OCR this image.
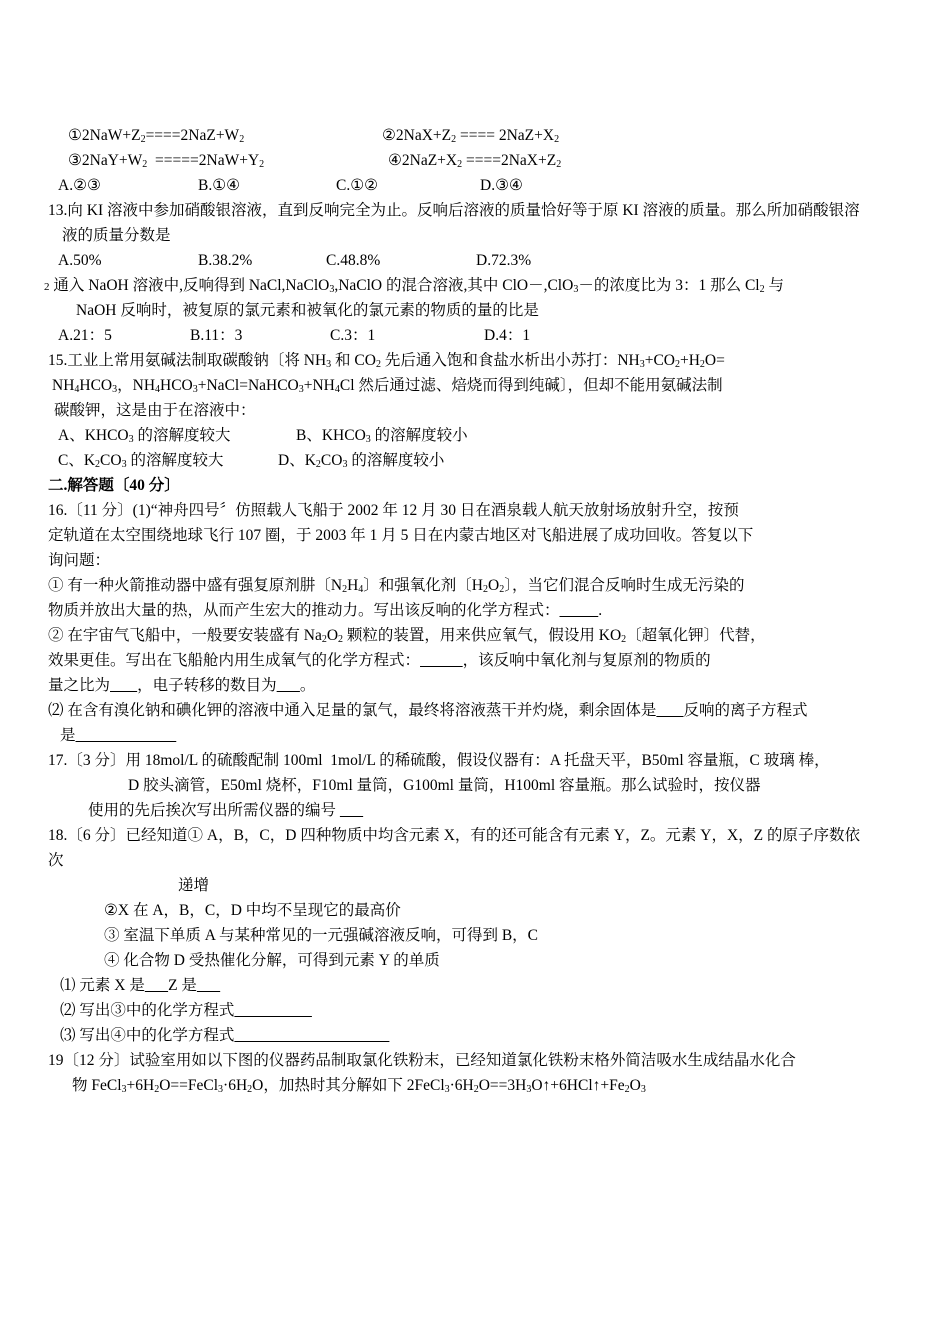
$①2NaW+Z_2====2NaZ+W_2$	$②2NaX+Z_2$ ==== $2NaZ+X_2$
$③2NaY+W_2 =====2NaW+Y_2$	$④2NaZ+X_2 ====2NaX+Z_2$
A.②③	B.①④	C.①②	D.③④
13.向 KI 溶液中参加硝酸银溶液，直到反响完全为止。反响后溶液的质量恰好等于原 KI 溶液的质量。那么所加硝酸银溶
液的质量分数是
A.50%	B.38.2%	C.48.8%	D.72.3%
2 通入 NaOH 溶液中,反响得到 NaCl,NaClO$_3$,NaClO 的混合溶液,其中 ClO－,ClO$_3$－的浓度比为 3：1 那么 $Cl_2$ 与
NaOH 反响时，被复原的氯元素和被氧化的氯元素的物质的量的比是
A.21：5	B.11：3	C.3：1	D.4：1
15.工业上常用氨碱法制取碳酸钠〔将 $NH_3$ 和 $CO_2$ 先后通入饱和食盐水析出小苏打：$NH_3+CO_2+H_2O=$
$NH_4HCO_3$，$NH_4HCO_3+NaCl=NaHCO_3+NH_4Cl$ 然后通过滤、焙烧而得到纯碱〕，但却不能用氨碱法制
碳酸钾，这是由于在溶液中：
A、$KHCO_3$ 的溶解度较大	B、$KHCO_3$ 的溶解度较小
C、$K_2CO_3$ 的溶解度较大	D、$K_2CO_3$ 的溶解度较小
二.解答题〔40 分〕
16.〔11 分〕(1)“神舟四号〞仿照载人飞船于 2002 年 12 月 30 日在酒泉载人航天放射场放射升空，按预
定轨道在太空围绕地球飞行 107 圈，于 2003 年 1 月 5 日在内蒙古地区对飞船进展了成功回收。答复以下
询问题：
① 有一种火箭推动器中盛有强复原剂肼〔$N_2H_4$〕和强氧化剂〔$H_2O_2$〕，当它们混合反响时生成无污染的
物质并放出大量的热，从而产生宏大的推动力。写出该反响的化学方程式：	.
② 在宇宙气飞船中，一般要安装盛有 $Na_2O_2$ 颗粒的装置，用来供应氧气，假设用 $KO_2$〔超氧化钾〕代替，
效果更佳。写出在飞船舱内用生成氧气的化学方程式：	，该反响中氧化剂与复原剂的物质的
量之比为 ，电子转移的数目为 。
⑵ 在含有溴化钠和碘化钾的溶液中通入足量的氯气，最终将溶液蒸干并灼烧，剩余固体是 反响的离子方程式
是
17.〔3 分〕用 18mol/L 的硫酸配制 100ml  1mol/L 的稀硫酸，假设仪器有：A 托盘天平，B50ml 容量瓶，C 玻璃 棒，
D 胶头滴管，E50ml 烧杯，F10ml 量筒，G100ml 量筒，H100ml 容量瓶。那么试验时，按仪器
使用的先后挨次写出所需仪器的编号
18.〔6 分〕已经知道① A，B，C，D 四种物质中均含元素 X，有的还可能含有元素 Y，Z。元素 Y，X，Z 的原子序数依
次
递增
②X 在 A，B，C，D 中均不呈现它的最高价
③ 室温下单质 A 与某种常见的一元强碱溶液反响，可得到 B，C
④ 化合物 D 受热催化分解，可得到元素 Y 的单质
⑴ 元素 X 是 Z 是
⑵ 写出③中的化学方程式
⑶ 写出④中的化学方程式
19〔12 分〕试验室用如以下图的仪器药品制取氯化铁粉末，已经知道氯化铁粉末格外简洁吸水生成结晶水化合
物 $FeCl_3+6H_2O==FeCl_3\cdot 6H_2O$，加热时其分解如下 $2FeCl_3\cdot 6H_2O==3H_3O↑+6HCl↑+Fe_2O_3$
